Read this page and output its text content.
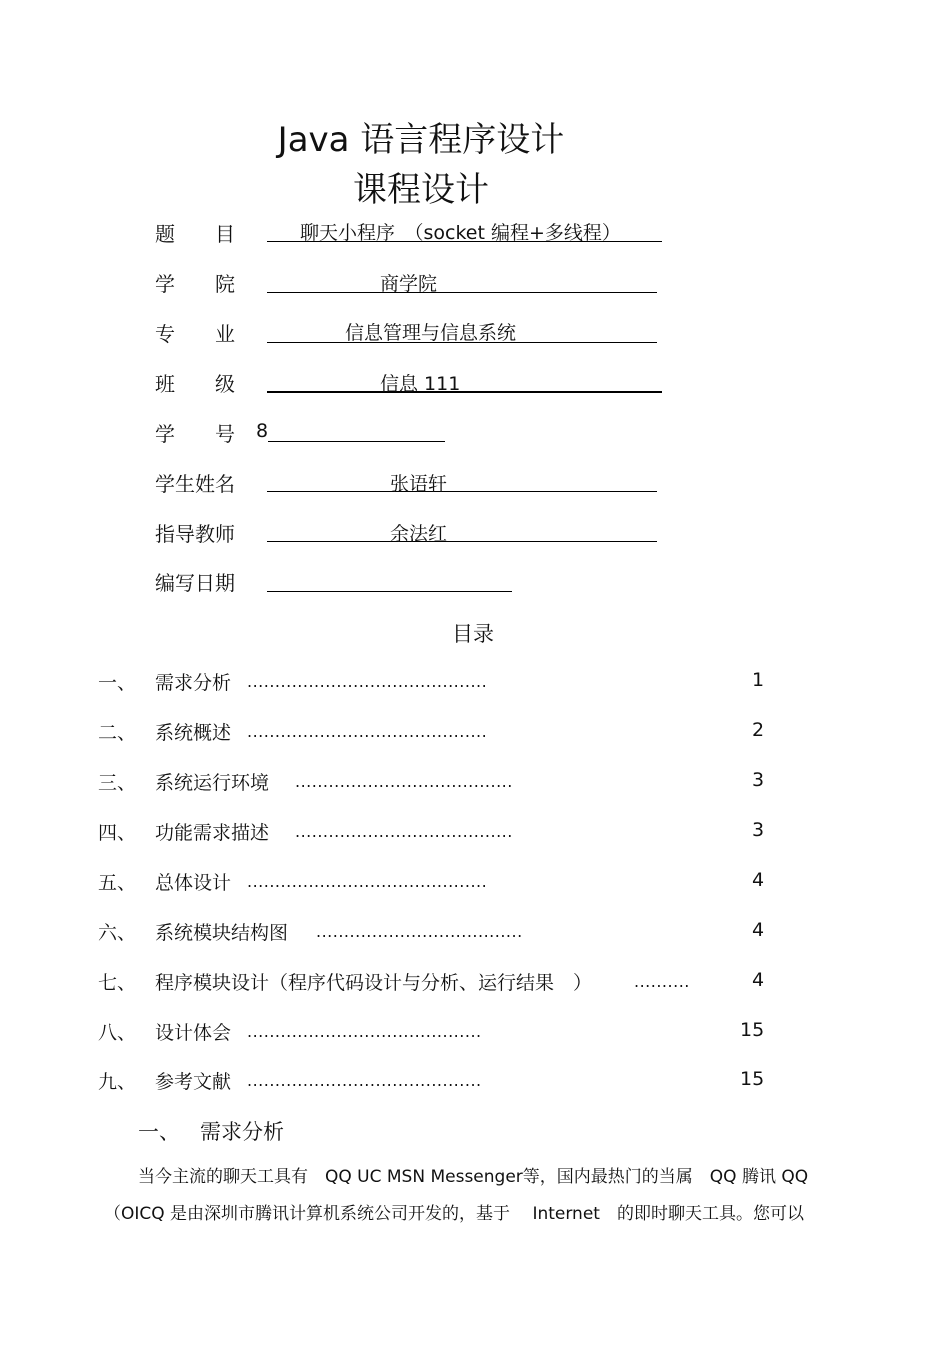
Java 语言程序设计
课程设计
题　　目	聊天小程序　（socket 编程+多线程）
学　　院	商学院
专　　业	信息管理与信息系统
班　　级	信息 111
学　　号 8
学生姓名	张语轩
指导教师	余法红
编写日期
目录
一、 需求分析 ...........................................	1
二、 系统概述 ...........................................	2
三、 系统运行环境 .......................................	3
四、 功能需求描述 .......................................	3
五、 总体设计 ...........................................	4
六、 系统模块结构图 .....................................	4
七、 程序模块设计（程序代码设计与分析、运行结果　）	..........	4
八、 设计体会 ..........................................	15
九、 参考文献 ..........................................	15
一、 需求分析
当今主流的聊天工具有　QQ UC MSN Messenger等，国内最热门的当属　QQ 腾讯 QQ
（OICQ 是由深圳市腾讯计算机系统公司开发的，基于　 Internet　的即时聊天工具。您可以
